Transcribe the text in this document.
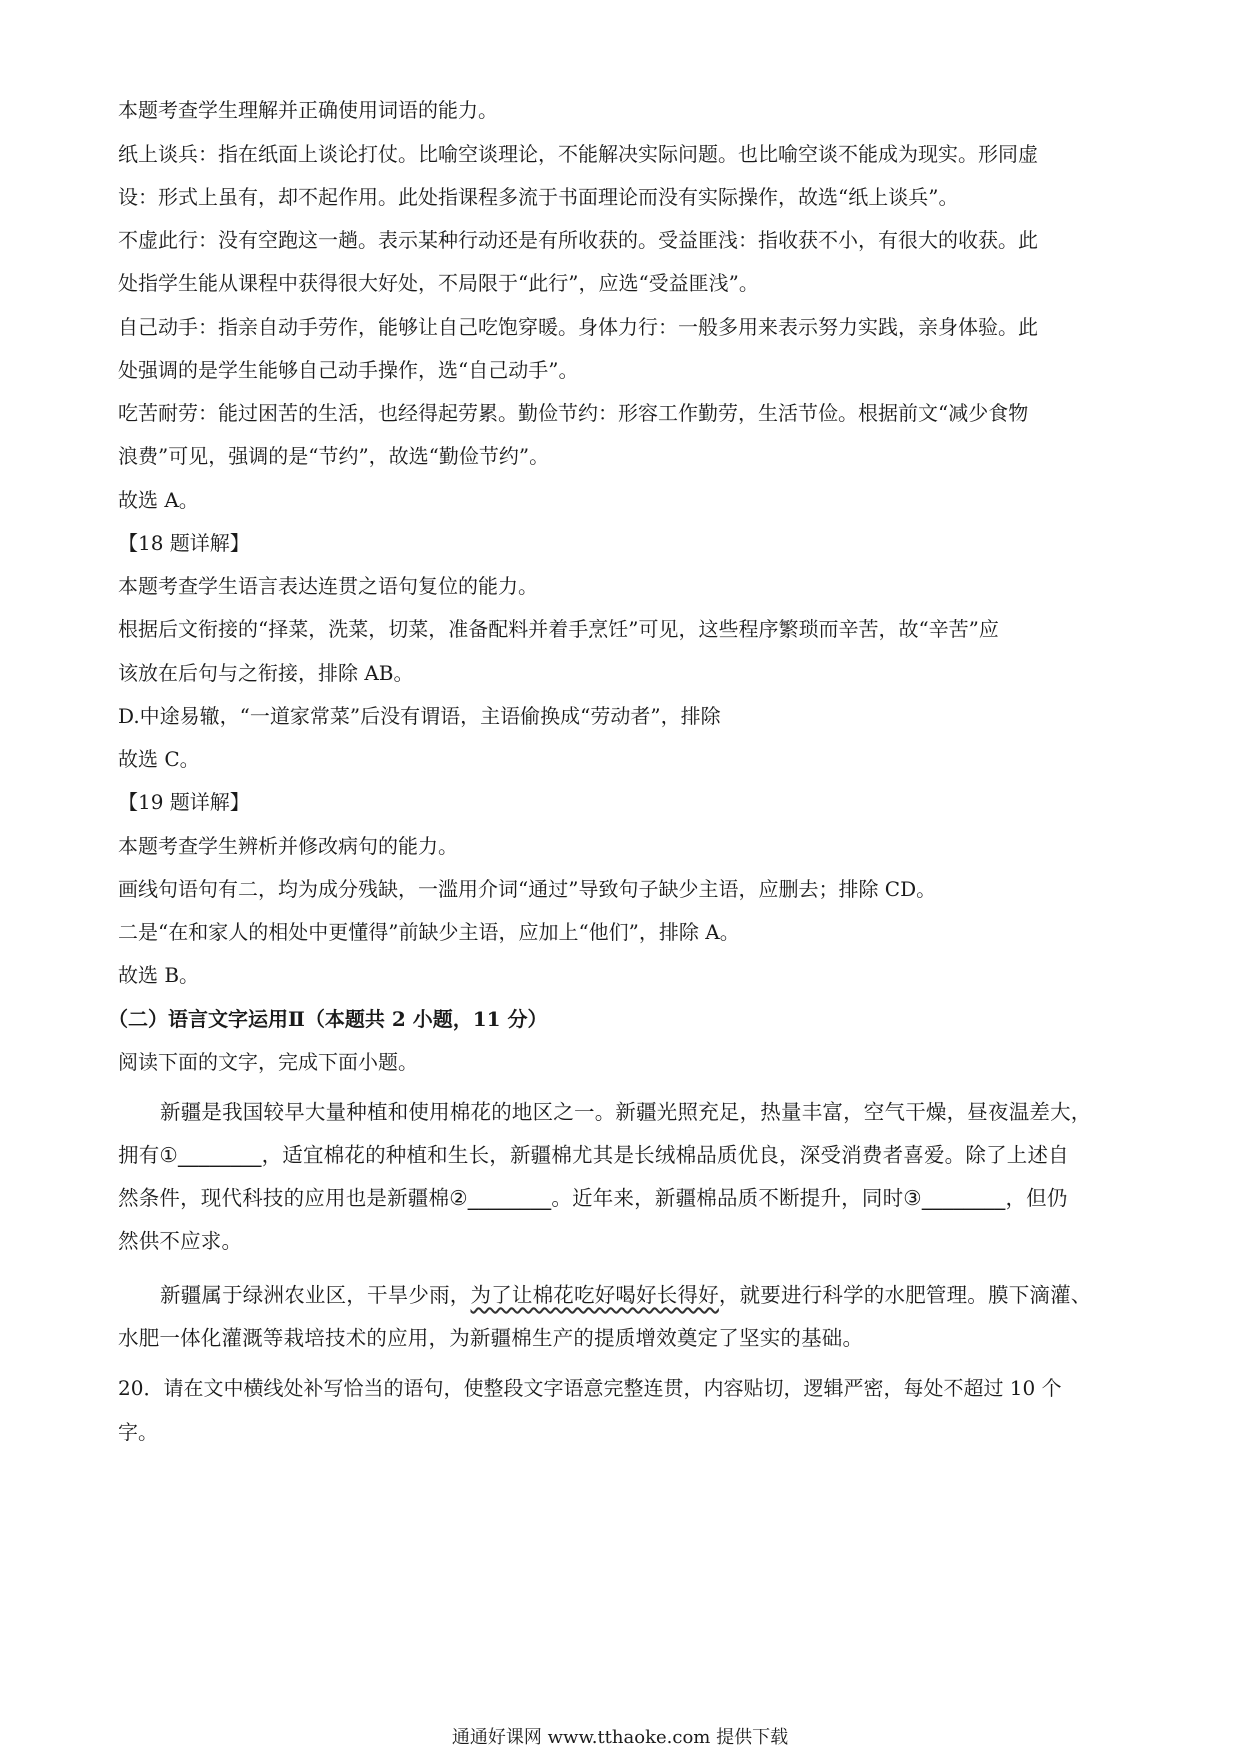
本题考查学生理解并正确使用词语的能力。
纸上谈兵：指在纸面上谈论打仗。比喻空谈理论，不能解决实际问题。也比喻空谈不能成为现实。形同虚
设：形式上虽有，却不起作用。此处指课程多流于书面理论而没有实际操作，故选“纸上谈兵”。
不虚此行：没有空跑这一趟。表示某种行动还是有所收获的。受益匪浅：指收获不小，有很大的收获。此
处指学生能从课程中获得很大好处，不局限于“此行”，应选“受益匪浅”。
自己动手：指亲自动手劳作，能够让自己吃饱穿暖。身体力行：一般多用来表示努力实践，亲身体验。此
处强调的是学生能够自己动手操作，选“自己动手”。
吃苦耐劳：能过困苦的生活，也经得起劳累。勤俭节约：形容工作勤劳，生活节俭。根据前文“减少食物
浪费”可见，强调的是“节约”，故选“勤俭节约”。
故选 A。
【18 题详解】
本题考查学生语言表达连贯之语句复位的能力。
根据后文衔接的“择菜，洗菜，切菜，准备配料并着手烹饪”可见，这些程序繁琐而辛苦，故“辛苦”应
该放在后句与之衔接，排除 AB。
D.中途易辙，“一道家常菜”后没有谓语，主语偷换成“劳动者”，排除
故选 C。
【19 题详解】
本题考查学生辨析并修改病句的能力。
画线句语句有二，均为成分残缺，一滥用介词“通过”导致句子缺少主语，应删去；排除 CD。
二是“在和家人的相处中更懂得”前缺少主语，应加上“他们”，排除 A。
故选 B。
（二）语言文字运用Ⅱ（本题共 2 小题，11 分）
阅读下面的文字，完成下面小题。
新疆是我国较早大量种植和使用棉花的地区之一。新疆光照充足，热量丰富，空气干燥，昼夜温差大，
拥有①________，适宜棉花的种植和生长，新疆棉尤其是长绒棉品质优良，深受消费者喜爱。除了上述自
然条件，现代科技的应用也是新疆棉②________。近年来，新疆棉品质不断提升，同时③________，但仍
然供不应求。
新疆属于绿洲农业区，干旱少雨，为了让棉花吃好喝好长得好，就要进行科学的水肥管理。膜下滴灌、
水肥一体化灌溉等栽培技术的应用，为新疆棉生产的提质增效奠定了坚实的基础。
20．请在文中横线处补写恰当的语句，使整段文字语意完整连贯，内容贴切，逻辑严密，每处不超过 10 个
字。
通通好课网 www.tthaoke.com 提供下载
